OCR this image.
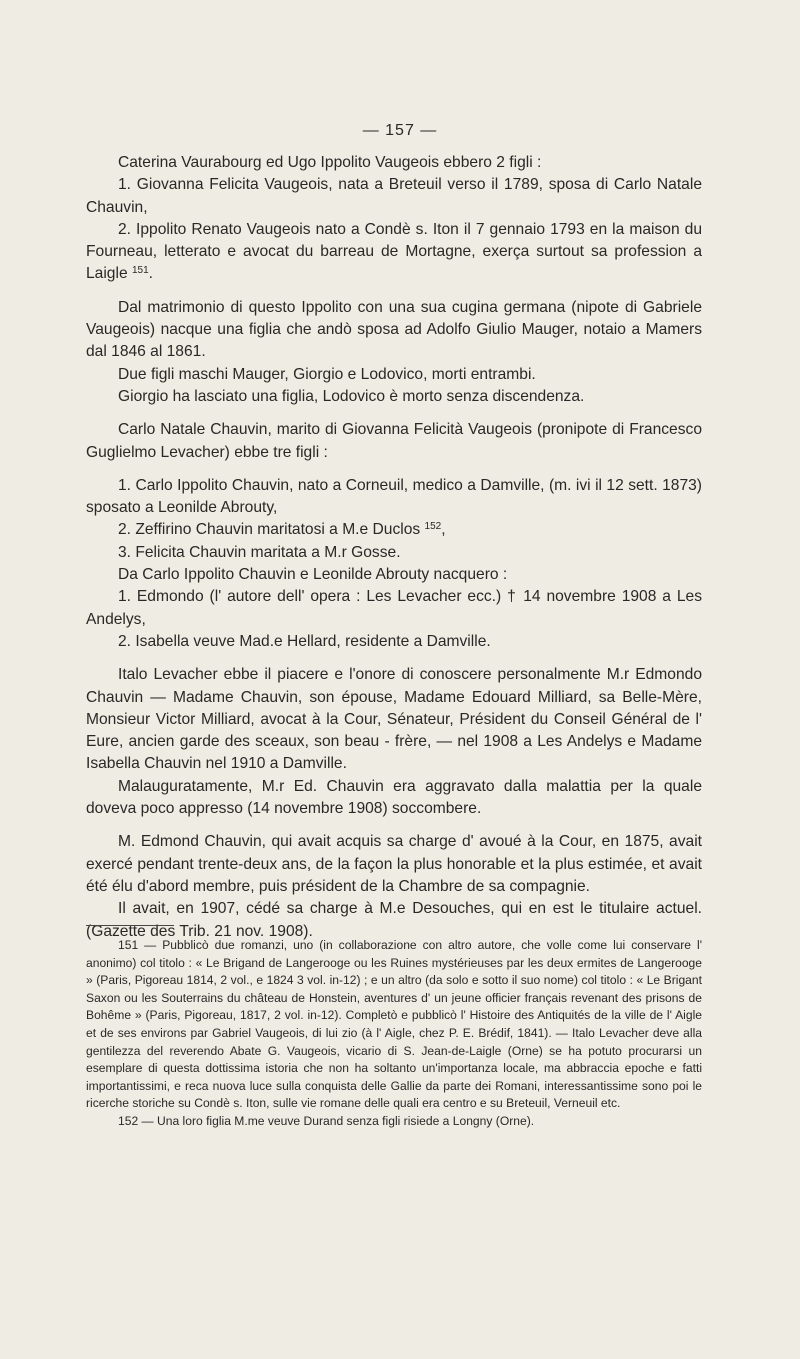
— 157 —

Caterina Vaurabourg ed Ugo Ippolito Vaugeois ebbero 2 figli :

1. Giovanna Felicita Vaugeois, nata a Breteuil verso il 1789, sposa di Carlo Natale Chauvin,

2. Ippolito Renato Vaugeois nato a Condè s. Iton il 7 gennaio 1793 en la maison du Fourneau, letterato e avocat du barreau de Mortagne, exerça surtout sa profession a Laigle $^{151}$.

Dal matrimonio di questo Ippolito con una sua cugina germana (nipote di Gabriele Vaugeois) nacque una figlia che andò sposa ad Adolfo Giulio Mauger, notaio a Mamers dal 1846 al 1861.

Due figli maschi Mauger, Giorgio e Lodovico, morti entrambi.

Giorgio ha lasciato una figlia, Lodovico è morto senza discendenza.

Carlo Natale Chauvin, marito di Giovanna Felicità Vaugeois (pronipote di Francesco Guglielmo Levacher) ebbe tre figli :

1. Carlo Ippolito Chauvin, nato a Corneuil, medico a Damville, (m. ivi il 12 sett. 1873) sposato a Leonilde Abrouty,

2. Zeffirino Chauvin maritatosi a M.e Duclos $^{152}$,

3. Felicita Chauvin maritata a M.r Gosse.

Da Carlo Ippolito Chauvin e Leonilde Abrouty nacquero :

1. Edmondo (l' autore dell' opera : Les Levacher ecc.) † 14 novembre 1908 a Les Andelys,

2. Isabella veuve Mad.e Hellard, residente a Damville.

Italo Levacher ebbe il piacere e l'onore di conoscere personalmente M.r Edmondo Chauvin — Madame Chauvin, son épouse, Madame Edouard Milliard, sa Belle-Mère, Monsieur Victor Milliard, avocat à la Cour, Sénateur, Président du Conseil Général de l' Eure, ancien garde des sceaux, son beau - frère, — nel 1908 a Les Andelys e Madame Isabella Chauvin nel 1910 a Damville.

Malauguratamente, M.r Ed. Chauvin era aggravato dalla malattia per la quale doveva poco appresso (14 novembre 1908) soccombere.

M. Edmond Chauvin, qui avait acquis sa charge d' avoué à la Cour, en 1875, avait exercé pendant trente-deux ans, de la façon la plus honorable et la plus estimée, et avait été élu d'abord membre, puis président de la Chambre de sa compagnie.

Il avait, en 1907, cédé sa charge à M.e Desouches, qui en est le titulaire actuel. (Gazette des Trib. 21 nov. 1908).

151 — Pubblicò due romanzi, uno (in collaborazione con altro autore, che volle come lui conservare l' anonimo) col titolo : « Le Brigand de Langerooge ou les Ruines mystérieuses par les deux ermites de Langerooge » (Paris, Pigoreau 1814, 2 vol., e 1824 3 vol. in-12) ; e un altro (da solo e sotto il suo nome) col titolo : « Le Brigant Saxon ou les Souterrains du château de Honstein, aventures d' un jeune officier français revenant des prisons de Bohême » (Paris, Pigoreau, 1817, 2 vol. in-12). Completò e pubblicò l' Histoire des Antiquités de la ville de l' Aigle et de ses environs par Gabriel Vaugeois, di lui zio (à l' Aigle, chez P. E. Brédif, 1841). — Italo Levacher deve alla gentilezza del reverendo Abate G. Vaugeois, vicario di S. Jean-de-Laigle (Orne) se ha potuto procurarsi un esemplare di questa dottissima istoria che non ha soltanto un'importanza locale, ma abbraccia epoche e fatti importantissimi, e reca nuova luce sulla conquista delle Gallie da parte dei Romani, interessantissime sono poi le ricerche storiche su Condè s. Iton, sulle vie romane delle quali era centro e su Breteuil, Verneuil etc.

152 — Una loro figlia M.me veuve Durand senza figli risiede a Longny (Orne).
